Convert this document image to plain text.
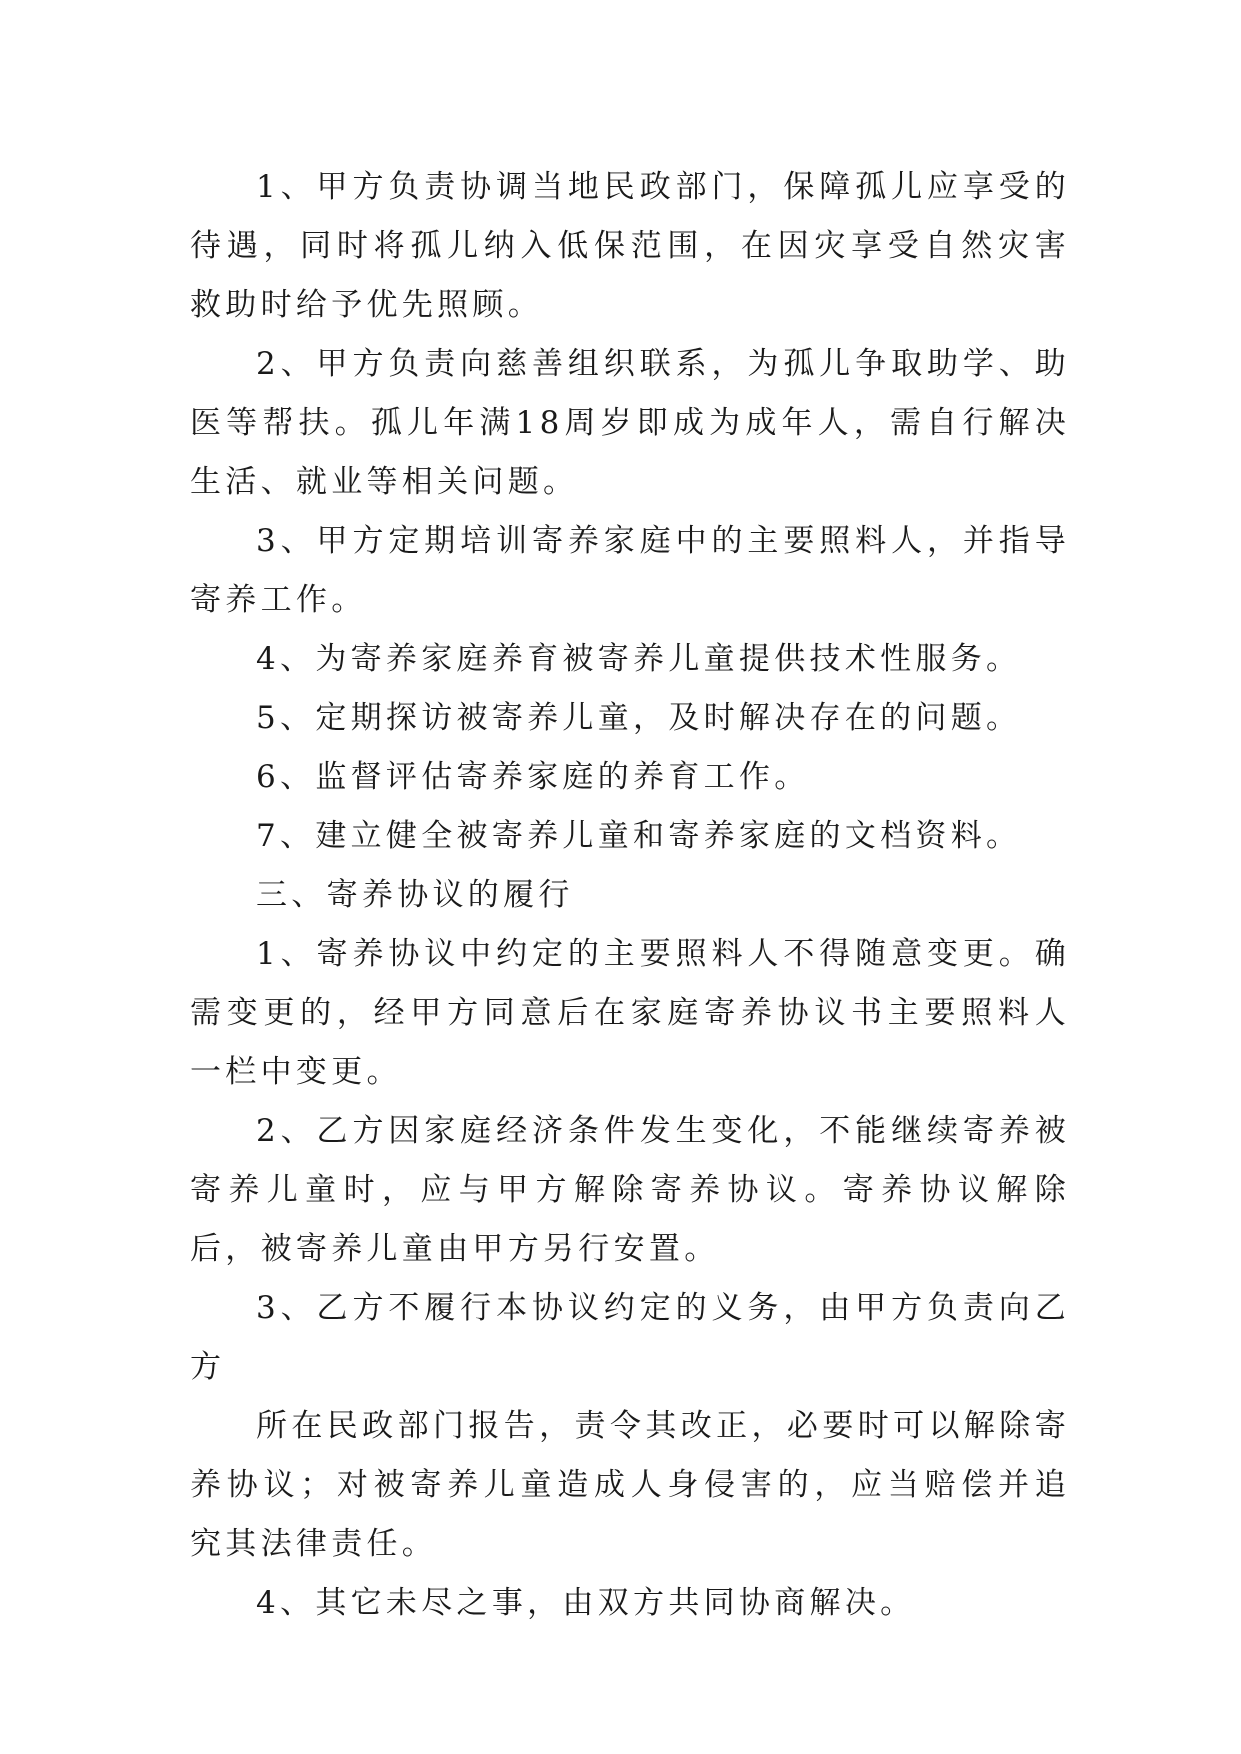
1、甲方负责协调当地民政部门，保障孤儿应享受的待遇，同时将孤儿纳入低保范围，在因灾享受自然灾害救助时给予优先照顾。

2、甲方负责向慈善组织联系，为孤儿争取助学、助医等帮扶。孤儿年满18周岁即成为成年人，需自行解决生活、就业等相关问题。

3、甲方定期培训寄养家庭中的主要照料人，并指导寄养工作。

4、为寄养家庭养育被寄养儿童提供技术性服务。

5、定期探访被寄养儿童，及时解决存在的问题。

6、监督评估寄养家庭的养育工作。

7、建立健全被寄养儿童和寄养家庭的文档资料。

三、寄养协议的履行

1、寄养协议中约定的主要照料人不得随意变更。确需变更的，经甲方同意后在家庭寄养协议书主要照料人一栏中变更。

2、乙方因家庭经济条件发生变化，不能继续寄养被寄养儿童时，应与甲方解除寄养协议。寄养协议解除后，被寄养儿童由甲方另行安置。

3、乙方不履行本协议约定的义务，由甲方负责向乙方

所在民政部门报告，责令其改正，必要时可以解除寄养协议；对被寄养儿童造成人身侵害的，应当赔偿并追究其法律责任。

4、其它未尽之事，由双方共同协商解决。
